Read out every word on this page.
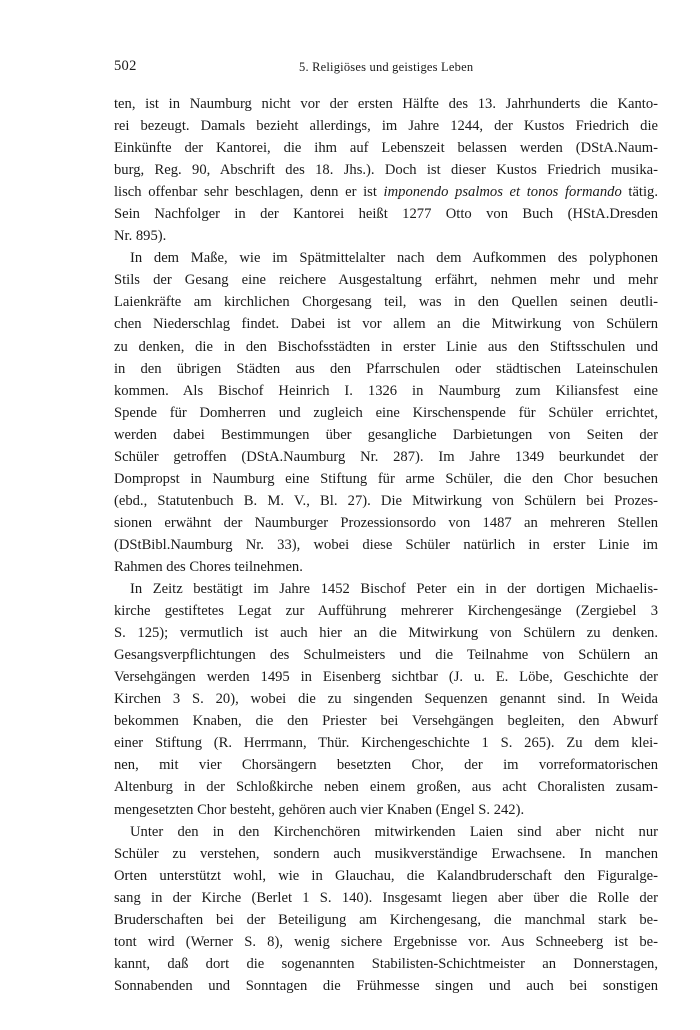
502	5. Religiöses und geistiges Leben
ten, ist in Naumburg nicht vor der ersten Hälfte des 13. Jahrhunderts die Kanto-
rei bezeugt. Damals bezieht allerdings, im Jahre 1244, der Kustos Friedrich die
Einkünfte der Kantorei, die ihm auf Lebenszeit belassen werden (DStA.Naum-
burg, Reg. 90, Abschrift des 18. Jhs.). Doch ist dieser Kustos Friedrich musika-
lisch offenbar sehr beschlagen, denn er ist imponendo psalmos et tonos formando tätig.
Sein Nachfolger in der Kantorei heißt 1277 Otto von Buch (HStA.Dresden
Nr. 895).
In dem Maße, wie im Spätmittelalter nach dem Aufkommen des polyphonen
Stils der Gesang eine reichere Ausgestaltung erfährt, nehmen mehr und mehr
Laienkräfte am kirchlichen Chorgesang teil, was in den Quellen seinen deutli-
chen Niederschlag findet. Dabei ist vor allem an die Mitwirkung von Schülern
zu denken, die in den Bischofsstädten in erster Linie aus den Stiftsschulen und
in den übrigen Städten aus den Pfarrschulen oder städtischen Lateinschulen
kommen. Als Bischof Heinrich I. 1326 in Naumburg zum Kiliansfest eine
Spende für Domherren und zugleich eine Kirschenspende für Schüler errichtet,
werden dabei Bestimmungen über gesangliche Darbietungen von Seiten der
Schüler getroffen (DStA.Naumburg Nr. 287). Im Jahre 1349 beurkundet der
Dompropst in Naumburg eine Stiftung für arme Schüler, die den Chor besuchen
(ebd., Statutenbuch B. M. V., Bl. 27). Die Mitwirkung von Schülern bei Prozes-
sionen erwähnt der Naumburger Prozessionsordo von 1487 an mehreren Stellen
(DStBibl.Naumburg Nr. 33), wobei diese Schüler natürlich in erster Linie im
Rahmen des Chores teilnehmen.
In Zeitz bestätigt im Jahre 1452 Bischof Peter ein in der dortigen Michaelis-
kirche gestiftetes Legat zur Aufführung mehrerer Kirchengesänge (Zergiebel 3
S. 125); vermutlich ist auch hier an die Mitwirkung von Schülern zu denken.
Gesangsverpflichtungen des Schulmeisters und die Teilnahme von Schülern an
Versehgängen werden 1495 in Eisenberg sichtbar (J. u. E. Löbe, Geschichte der
Kirchen 3 S. 20), wobei die zu singenden Sequenzen genannt sind. In Weida
bekommen Knaben, die den Priester bei Versehgängen begleiten, den Abwurf
einer Stiftung (R. Herrmann, Thür. Kirchengeschichte 1 S. 265). Zu dem klei-
nen, mit vier Chorsängern besetzten Chor, der im vorreformatorischen
Altenburg in der Schloßkirche neben einem großen, aus acht Choralisten zusam-
mengesetzten Chor besteht, gehören auch vier Knaben (Engel S. 242).
Unter den in den Kirchenchören mitwirkenden Laien sind aber nicht nur
Schüler zu verstehen, sondern auch musikverständige Erwachsene. In manchen
Orten unterstützt wohl, wie in Glauchau, die Kalandbruderschaft den Figuralge-
sang in der Kirche (Berlet 1 S. 140). Insgesamt liegen aber über die Rolle der
Bruderschaften bei der Beteiligung am Kirchengesang, die manchmal stark be-
tont wird (Werner S. 8), wenig sichere Ergebnisse vor. Aus Schneeberg ist be-
kannt, daß dort die sogenannten Stabilisten-Schichtmeister an Donnerstagen,
Sonnabenden und Sonntagen die Frühmesse singen und auch bei sonstigen
